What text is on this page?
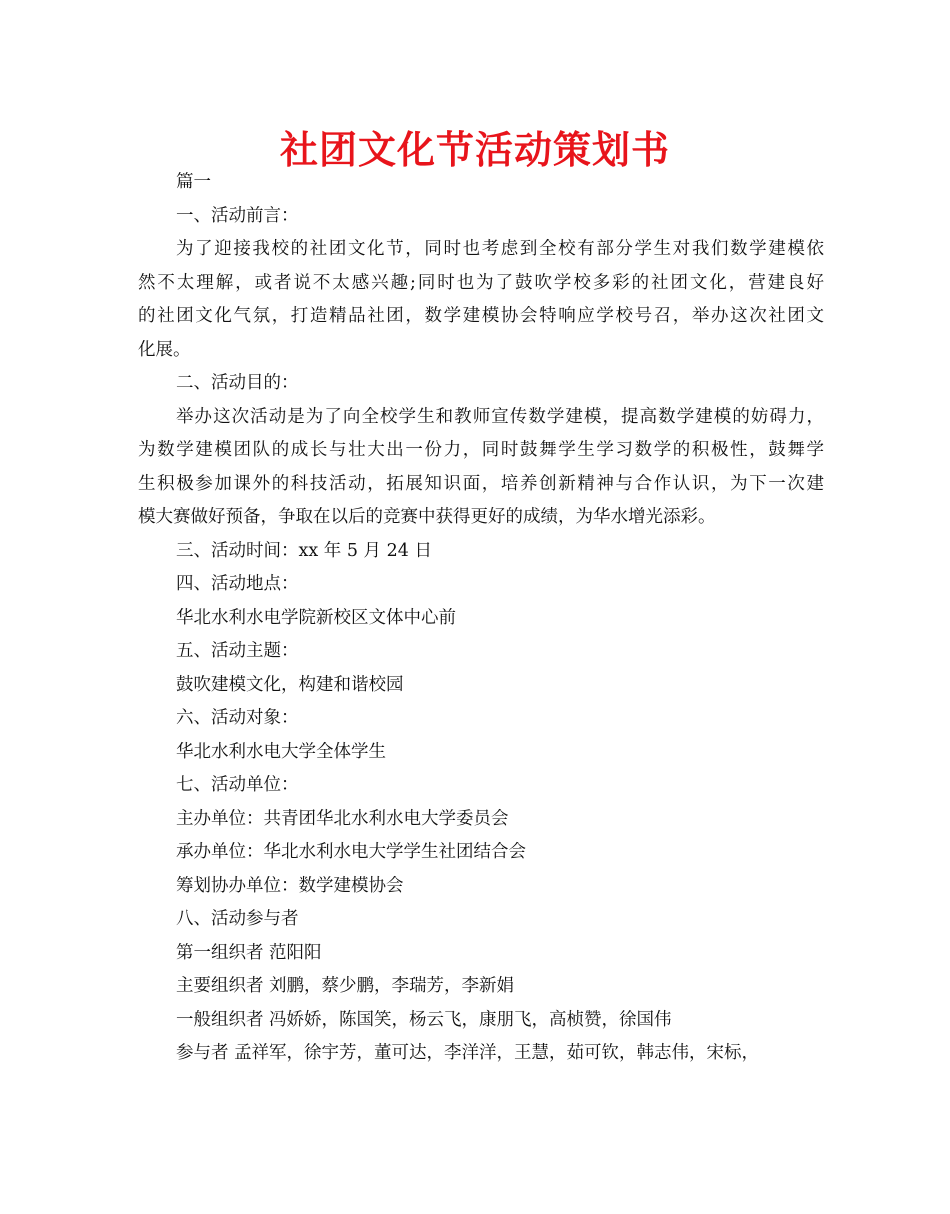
社团文化节活动策划书
篇一
一、活动前言：
为了迎接我校的社团文化节，同时也考虑到全校有部分学生对我们数学建模依
然不太理解，或者说不太感兴趣;同时也为了鼓吹学校多彩的社团文化，营建良好
的社团文化气氛，打造精品社团，数学建模协会特响应学校号召，举办这次社团文
化展。
二、活动目的：
举办这次活动是为了向全校学生和教师宣传数学建模，提高数学建模的妨碍力，
为数学建模团队的成长与壮大出一份力，同时鼓舞学生学习数学的积极性，鼓舞学
生积极参加课外的科技活动，拓展知识面，培养创新精神与合作认识，为下一次建
模大赛做好预备，争取在以后的竞赛中获得更好的成绩，为华水增光添彩。
三、活动时间：xx 年 5 月 24 日
四、活动地点：
华北水利水电学院新校区文体中心前
五、活动主题：
鼓吹建模文化，构建和谐校园
六、活动对象：
华北水利水电大学全体学生
七、活动单位：
主办单位：共青团华北水利水电大学委员会
承办单位：华北水利水电大学学生社团结合会
筹划协办单位：数学建模协会
八、活动参与者
第一组织者 范阳阳
主要组织者 刘鹏，蔡少鹏，李瑞芳，李新娟
一般组织者 冯娇娇，陈国笑，杨云飞，康朋飞，高桢赞，徐国伟
参与者 孟祥军，徐宇芳，董可达，李洋洋，王慧，茹可钦，韩志伟，宋标，
